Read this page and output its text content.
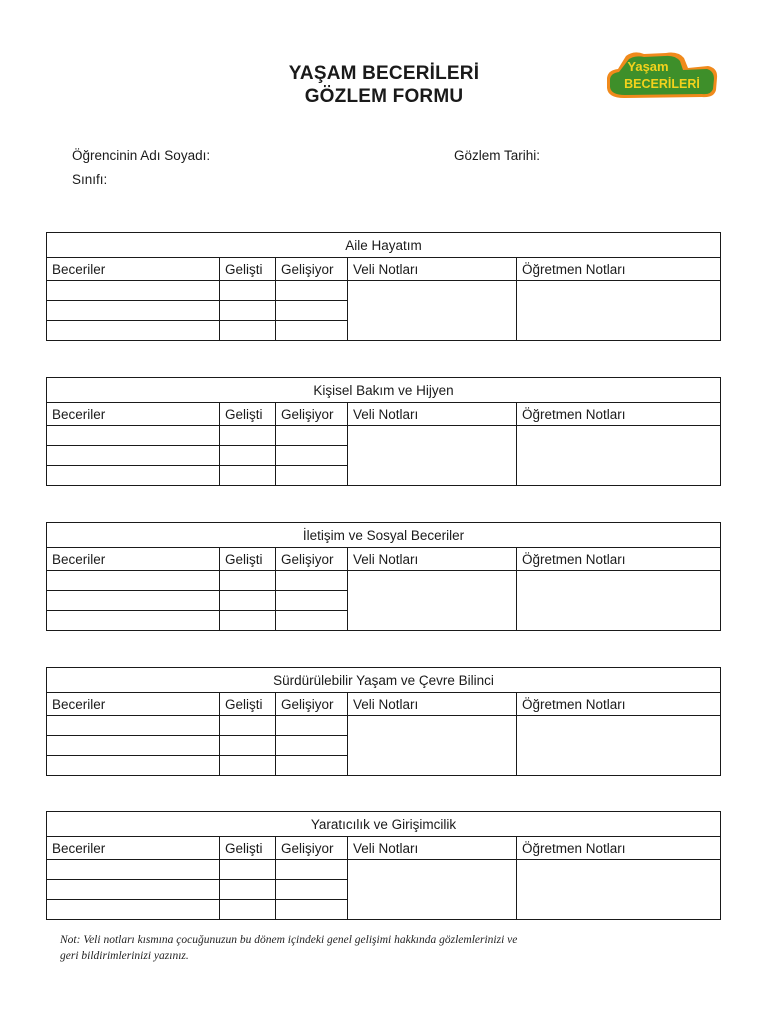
YAŞAM BECERİLERİ
GÖZLEM FORMU
Yaşam
BECERİLERİ
Öğrencinin Adı Soyadı:	Gözlem Tarihi:
Sınıfı:
Aile Hayatım				
Beceriler	Gelişti	Gelişiyor	Veli Notları	Öğretmen Notları

Kişisel Bakım ve Hijyen				
Beceriler	Gelişti	Gelişiyor	Veli Notları	Öğretmen Notları

İletişim ve Sosyal Beceriler				
Beceriler	Gelişti	Gelişiyor	Veli Notları	Öğretmen Notları

Sürdürülebilir Yaşam ve Çevre Bilinci				
Beceriler	Gelişti	Gelişiyor	Veli Notları	Öğretmen Notları

Yaratıcılık ve Girişimcilik				
Beceriler	Gelişti	Gelişiyor	Veli Notları	Öğretmen Notları

Not: Veli notları kısmına çocuğunuzun bu dönem içindeki genel gelişimi hakkında gözlemlerinizi ve
geri bildirimlerinizi yazınız.
